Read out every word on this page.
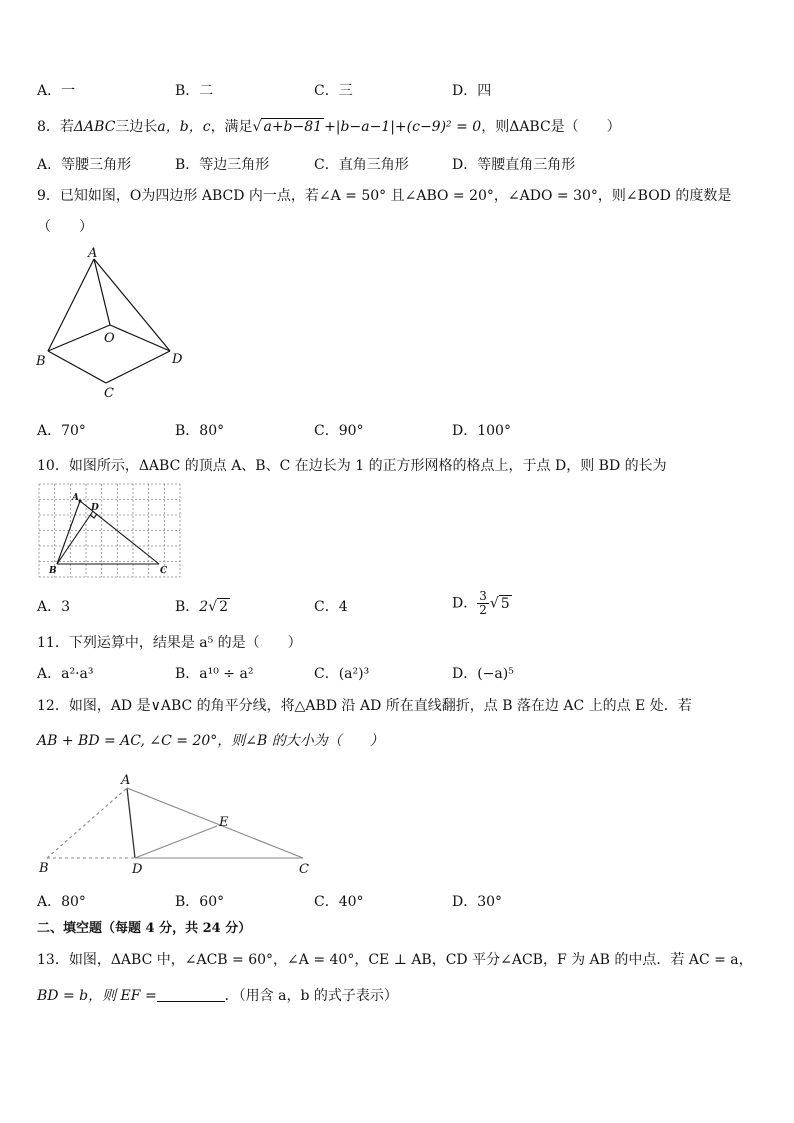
A．一	B．二	C．三	D．四
8．若ΔABC三边长a，b，c，满足√ a+b−81 +|b−a−1|+(c−9)² = 0，则ΔABC是（　　）
A．等腰三角形	B．等边三角形	C．直角三角形	D．等腰直角三角形
9．已知如图，O为四边形 ABCD 内一点，若∠A = 50° 且∠ABO = 20°，∠ADO = 30°，则∠BOD 的度数是
（　　）
A
B
C
D
O
A．70°	B．80°	C．90°	D．100°
10．如图所示，ΔABC 的顶点 A、B、C 在边长为 1 的正方形网格的格点上，于点 D，则 BD 的长为
A
B	C
D
A．3	B．2√ 2	C．4	D． $\frac{3}{2}$ √ 5
11．下列运算中，结果是 a⁵ 的是（　　）
A．a²·a³	B．a¹⁰ ÷ a²	C．(a²)³	D．(−a)⁵
12．如图，AD 是∨ABC 的角平分线，将△ABD 沿 AD 所在直线翻折，点 B 落在边 AC 上的点 E 处．若
AB + BD = AC, ∠C = 20°，则∠B 的大小为（　　）
A
B	D	C
E
A．80°	B．60°	C．40°	D．30°
二、填空题（每题 4 分，共 24 分）
13．如图，ΔABC 中，∠ACB = 60°，∠A = 40°，CE ⊥ AB，CD 平分∠ACB，F 为 AB 的中点．若 AC = a，
BD = b，则 EF =	．（用含 a，b 的式子表示）
